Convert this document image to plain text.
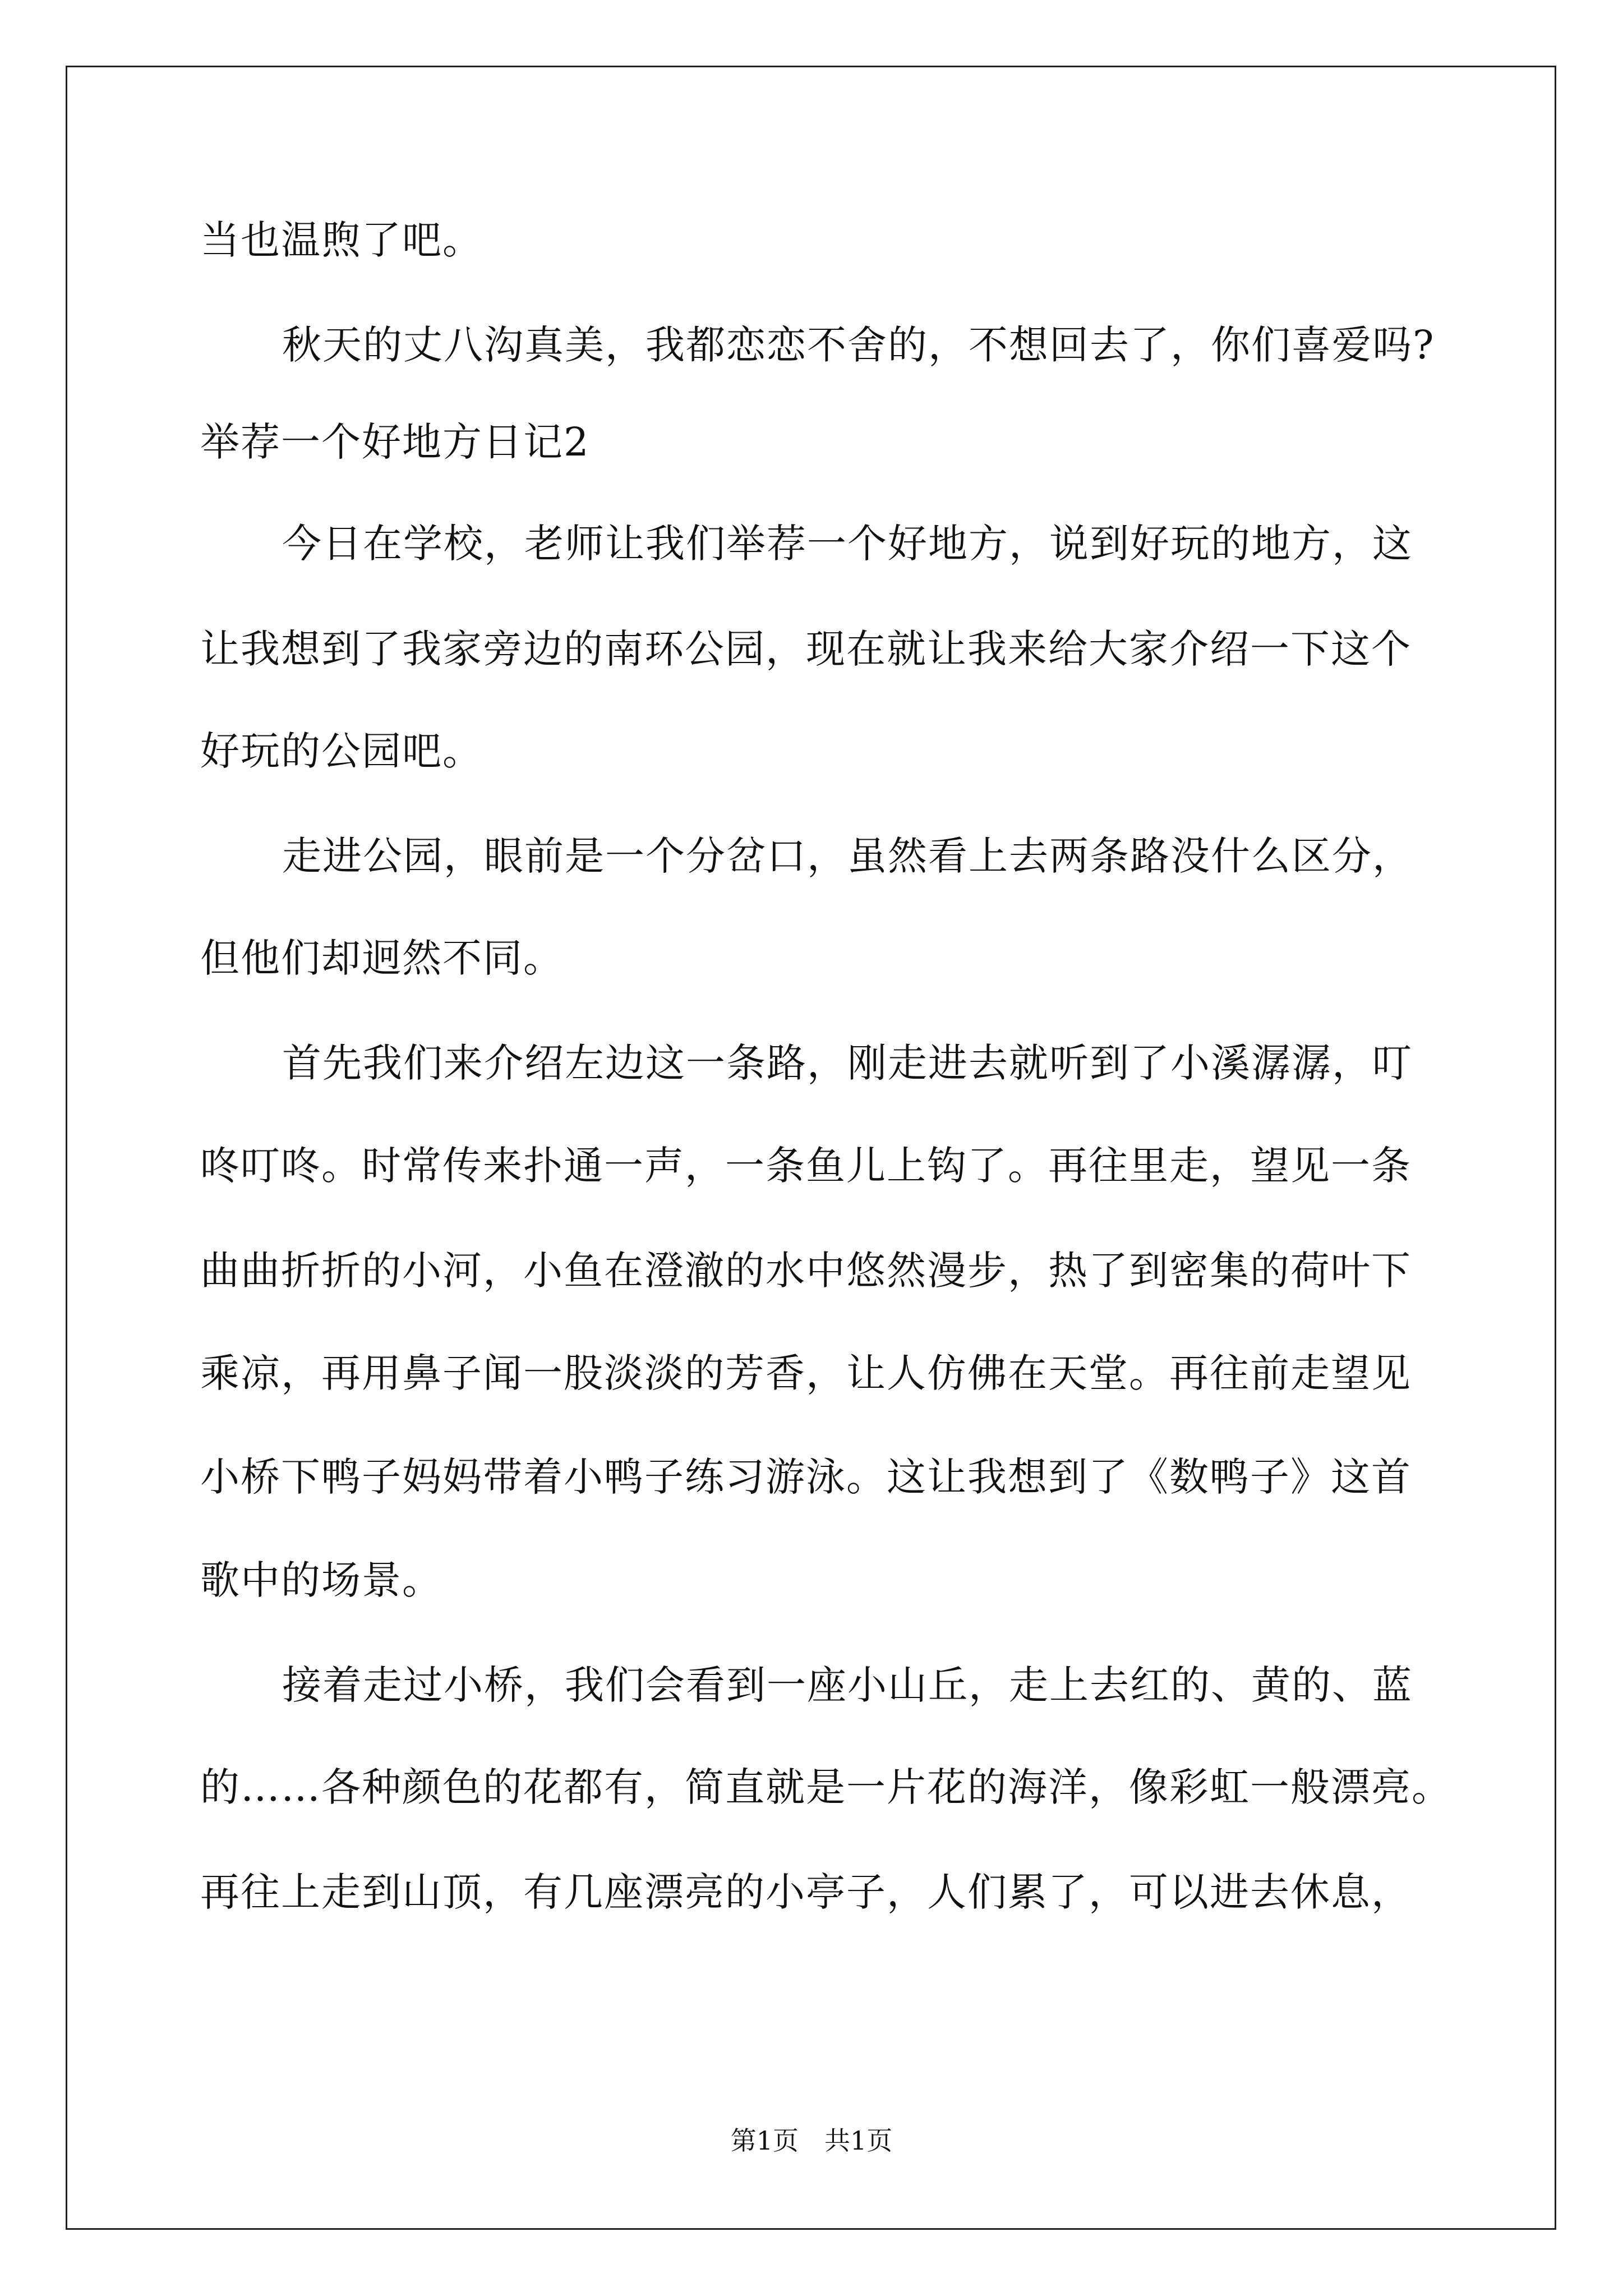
当也温煦了吧。
秋天的丈八沟真美，我都恋恋不舍的，不想回去了，你们喜爱吗?
举荐一个好地方日记2
今日在学校，老师让我们举荐一个好地方，说到好玩的地方，这
让我想到了我家旁边的南环公园，现在就让我来给大家介绍一下这个
好玩的公园吧。
走进公园，眼前是一个分岔口，虽然看上去两条路没什么区分，
但他们却迥然不同。
首先我们来介绍左边这一条路，刚走进去就听到了小溪潺潺，叮
咚叮咚。时常传来扑通一声，一条鱼儿上钩了。再往里走，望见一条
曲曲折折的小河，小鱼在澄澈的水中悠然漫步，热了到密集的荷叶下
乘凉，再用鼻子闻一股淡淡的芳香，让人仿佛在天堂。再往前走望见
小桥下鸭子妈妈带着小鸭子练习游泳。这让我想到了《数鸭子》这首
歌中的场景。
接着走过小桥，我们会看到一座小山丘，走上去红的、黄的、蓝
的……各种颜色的花都有，简直就是一片花的海洋，像彩虹一般漂亮。
再往上走到山顶，有几座漂亮的小亭子，人们累了，可以进去休息，
第1页　共1页
